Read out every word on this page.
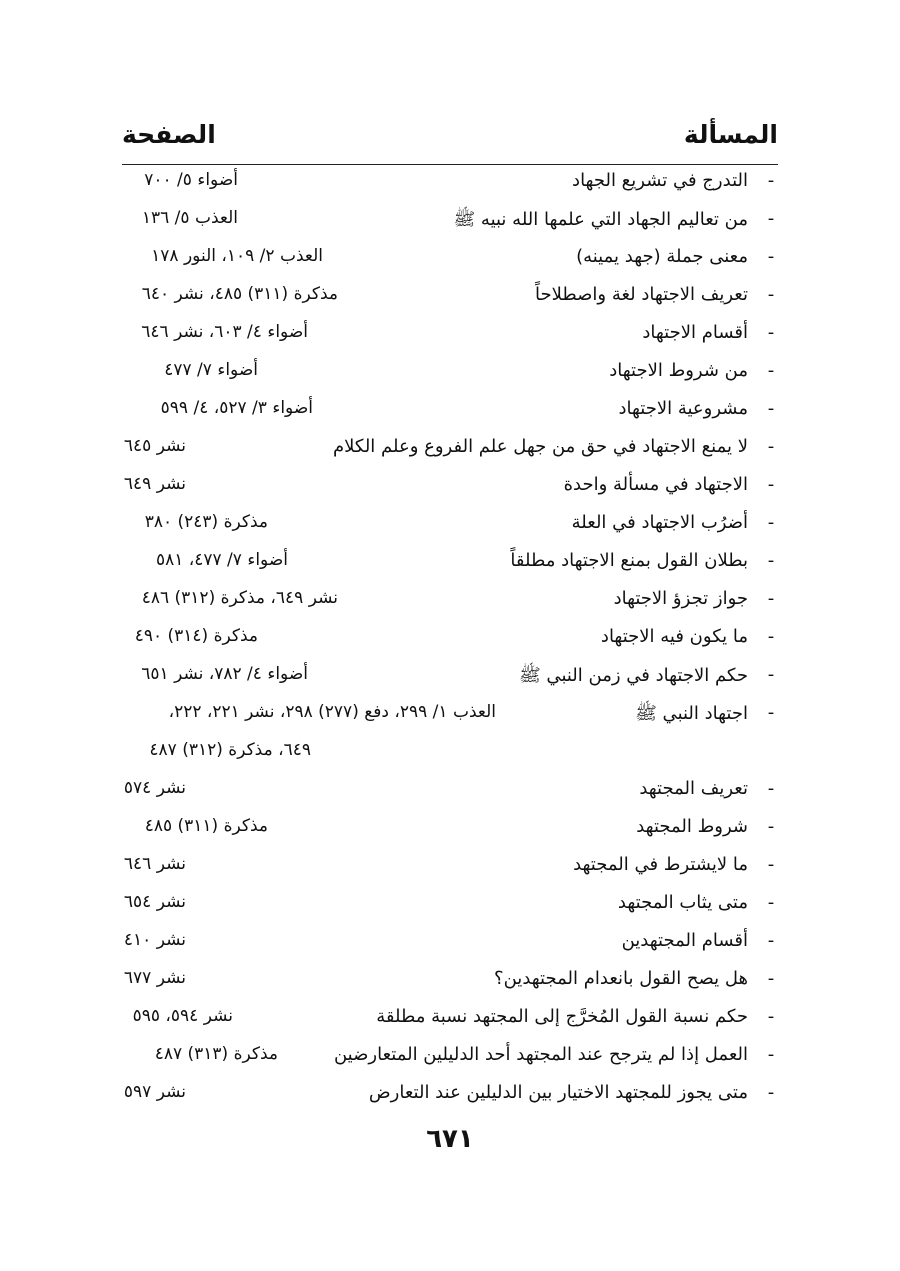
الصفحة	المسألة
-
التدرج في تشريع الجهاد
أضواء ٥/ ٧٠٠
-
من تعاليم الجهاد التي علمها الله نبيه ﷺ
العذب ٥/ ١٣٦
-
معنى جملة (جهد يمينه)
العذب ٢/ ١٠٩، النور ١٧٨
-
تعريف الاجتهاد لغة واصطلاحاً
مذكرة (٣١١) ٤٨٥، نشر ٦٤٠
-
أقسام الاجتهاد
أضواء ٤/ ٦٠٣، نشر ٦٤٦
-
من شروط الاجتهاد
أضواء ٧/ ٤٧٧
-
مشروعية الاجتهاد
أضواء ٣/ ٥٢٧، ٤/ ٥٩٩
-
لا يمنع الاجتهاد في حق من جهل علم الفروع وعلم الكلام
نشر ٦٤٥
-
الاجتهاد في مسألة واحدة
نشر ٦٤٩
-
أضرُب الاجتهاد في العلة
مذكرة (٢٤٣) ٣٨٠
-
بطلان القول بمنع الاجتهاد مطلقاً
أضواء ٧/ ٤٧٧، ٥٨١
-
جواز تجزؤ الاجتهاد
نشر ٦٤٩، مذكرة (٣١٢) ٤٨٦
-
ما يكون فيه الاجتهاد
مذكرة (٣١٤) ٤٩٠
-
حكم الاجتهاد في زمن النبي ﷺ
أضواء ٤/ ٧٨٢، نشر ٦٥١
-
اجتهاد النبي ﷺ
العذب ١/ ٢٩٩، دفع (٢٧٧) ٢٩٨، نشر ٢٢١، ٢٢٢،
٦٤٩، مذكرة (٣١٢) ٤٨٧
-
تعريف المجتهد
نشر ٥٧٤
-
شروط المجتهد
مذكرة (٣١١) ٤٨٥
-
ما لايشترط في المجتهد
نشر ٦٤٦
-
متى يثاب المجتهد
نشر ٦٥٤
-
أقسام المجتهدين
نشر ٤١٠
-
هل يصح القول بانعدام المجتهدين؟
نشر ٦٧٧
-
حكم نسبة القول المُخرَّج إلى المجتهد نسبة مطلقة
نشر ٥٩٤، ٥٩٥
-
العمل إذا لم يترجح عند المجتهد أحد الدليلين المتعارضين
مذكرة (٣١٣) ٤٨٧
-
متى يجوز للمجتهد الاختيار بين الدليلين عند التعارض
نشر ٥٩٧
٦٧١
